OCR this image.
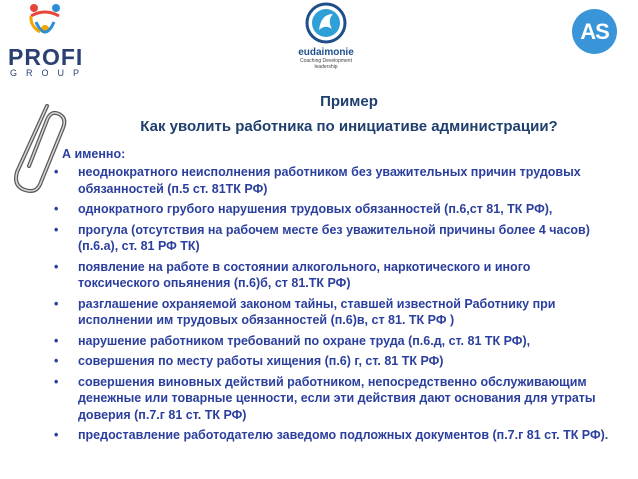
PROFI
GROUP
eudaimonie
Coaching Development
leadership
AS
Пример
Как уволить работника по инициативе администрации?
А именно:
• неоднократного неисполнения работником без уважительных причин трудовых обязанностей (п.5 ст. 81ТК РФ)
• однократного грубого нарушения трудовых обязанностей (п.6,ст 81, ТК РФ),
• прогула (отсутствия на рабочем месте без уважительной причины более 4 часов) (п.6.а), ст. 81 РФ ТК)
• появление на работе в состоянии алкогольного, наркотического и иного токсического опьянения (п.6)б, ст 81.ТК РФ)
• разглашение охраняемой законом тайны, ставшей известной Работнику при исполнении им трудовых обязанностей (п.6)в, ст 81. ТК РФ )
• нарушение работником требований по охране труда (п.6.д, ст. 81 ТК РФ),
• совершения по месту работы хищения (п.6) г, ст. 81 ТК РФ)
• совершения виновных действий работником, непосредственно обслуживающим денежные или товарные ценности, если эти действия дают основания для утраты доверия (п.7.г 81 ст. ТК РФ)
• предоставление работодателю заведомо подложных документов (п.7.г 81 ст. ТК РФ).
